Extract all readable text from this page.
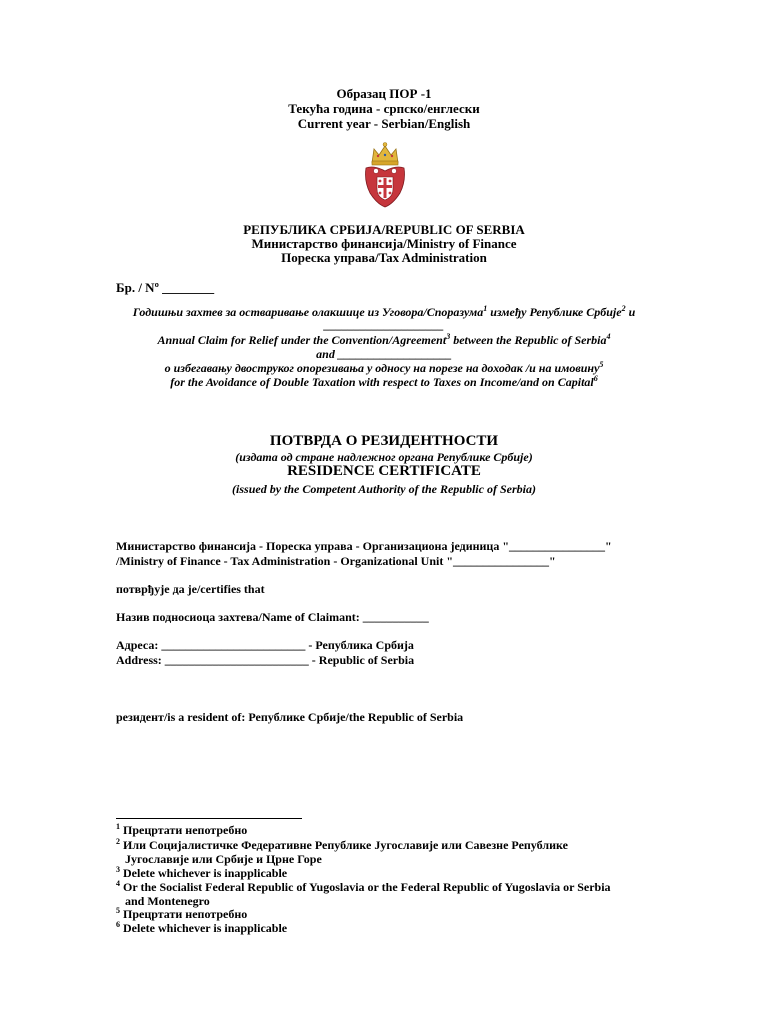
Образац ПОР -1
Текућа година - српско/енглески
Current year - Serbian/English
РЕПУБЛИКА СРБИЈА/REPUBLIC OF SERBIA
Министарство финансија/Ministry of Finance
Пореска управа/Tax Administration
Бр. / Nº ________
Годишњи захтев за остваривање олакшице из Уговора/Споразума$^1$ између Републике Србије$^2$ и
____________________
Annual Claim for Relief under the Convention/Agreement$^3$ between the Republic of Serbia$^4$
and ___________________
о избегавању двоструког опорезивања у односу на порезе на доходак /и на имовину$^5$
for the Avoidance of Double Taxation with respect to Taxes on Income/and on Capital$^6$
ПОТВРДА О РЕЗИДЕНТНОСТИ
(издата од стране надлежног органа Републике Србије)
RESIDENCE CERTIFICATE
(issued by the Competent Authority of the Republic of Serbia)
Министарство финансија - Пореска управа - Организациона јединица "________________"
/Ministry of Finance - Tax Administration - Organizational Unit "________________"
потврђује да је/certifies that
Назив подносиоца захтева/Name of Claimant: ___________
Адреса: ________________________ - Република Србија
Address: ________________________ - Republic of Serbia
резидент/is a resident of: Републике Србије/the Republic of Serbia
$^1$ Прецртати непотребно
$^2$ Или Социјалистичке Федеративне Републике Југославије или Савезне Републике
Југославије или Србије и Црне Горе
$^3$ Delete whichever is inapplicable
$^4$ Or the Socialist Federal Republic of Yugoslavia or the Federal Republic of Yugoslavia or Serbia
and Montenegro
$^5$ Прецртати непотребно
$^6$ Delete whichever is inapplicable
